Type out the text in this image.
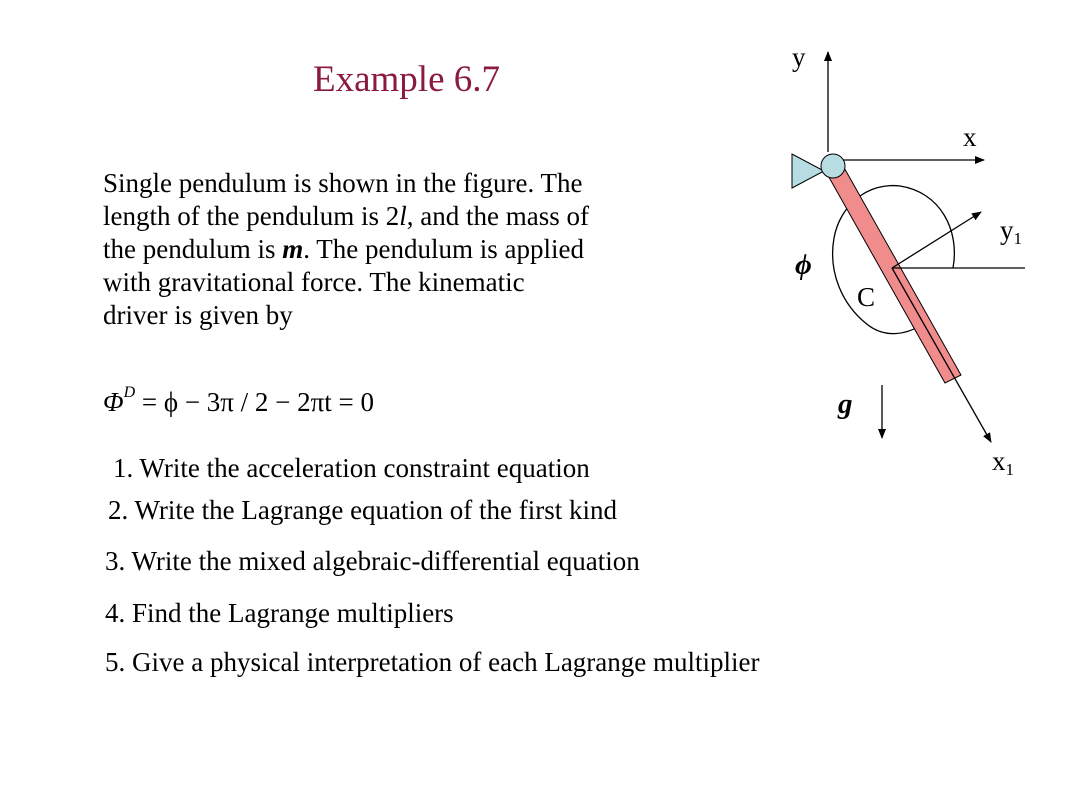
Example 6.7
Single pendulum is shown in the figure. The
length of the pendulum is 2l, and the mass of
the pendulum is m. The pendulum is applied
with gravitational force. The kinematic
driver is given by
$\Phi^D = \phi - 3\pi / 2 - 2\pi t = 0$
1. Write the acceleration constraint equation
2. Write the Lagrange equation of the first kind
3. Write the mixed algebraic-differential equation
4. Find the Lagrange multipliers
5. Give a physical interpretation of each Lagrange multiplier
y
x
y1
x1
ϕ
C
g
